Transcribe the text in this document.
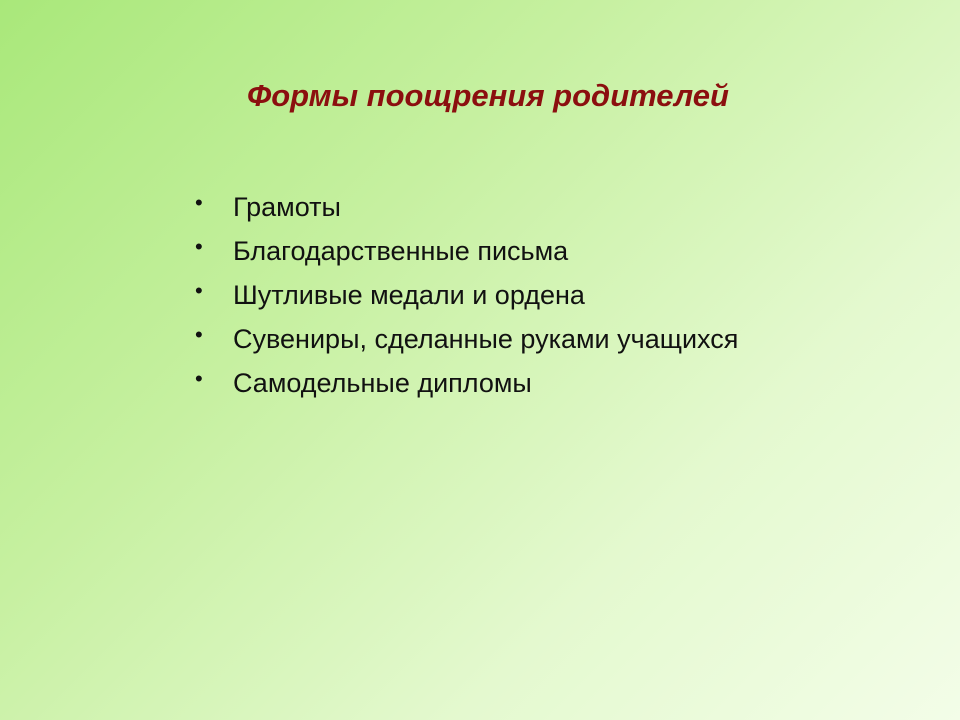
Формы поощрения родителей
• Грамоты
• Благодарственные письма
• Шутливые медали и ордена
• Сувениры, сделанные руками учащихся
• Самодельные дипломы
